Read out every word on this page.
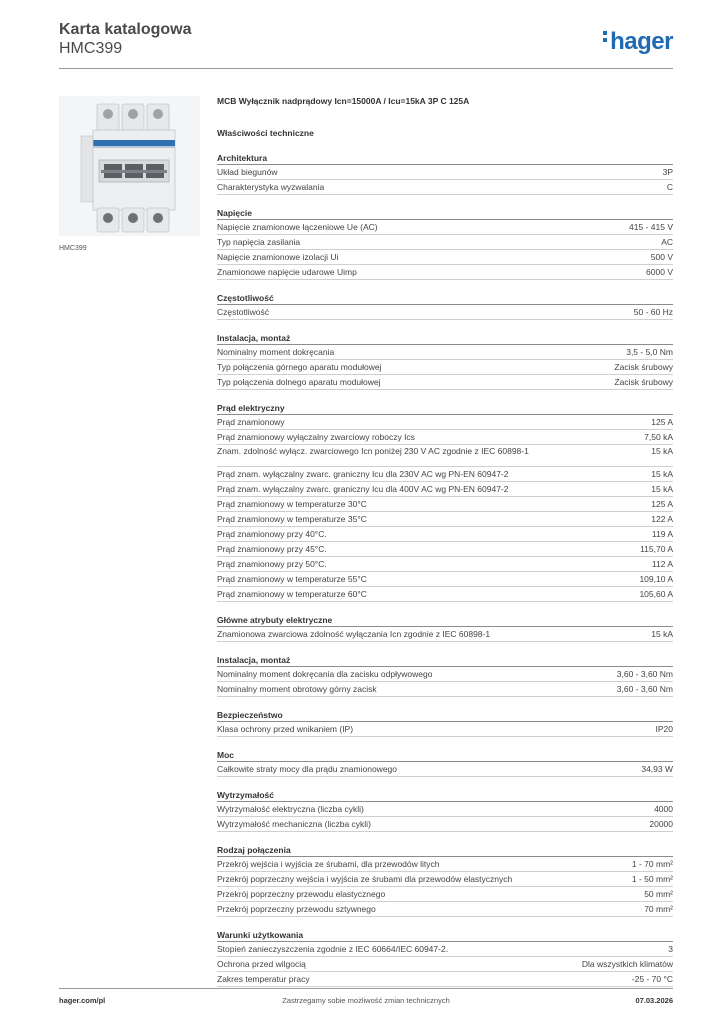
Karta katalogowa
HMC399	hager
HMC399
MCB Wyłącznik nadprądowy Icn=15000A / Icu=15kA 3P C 125A
Właściwości techniczne
Architektura
Układ biegunów	3P
Charakterystyka wyzwalania	C
Napięcie
Napięcie znamionowe łączeniowe Ue (AC)	415 - 415 V
Typ napięcia zasilania	AC
Napięcie znamionowe izolacji Ui	500 V
Znamionowe napięcie udarowe Uimp	6000 V
Częstotliwość
Częstotliwość	50 - 60 Hz
Instalacja, montaż
Nominalny moment dokręcania	3,5 - 5,0 Nm
Typ połączenia górnego aparatu modułowej	Zacisk śrubowy
Typ połączenia dolnego aparatu modułowej	Zacisk śrubowy
Prąd elektryczny
Prąd znamionowy	125 A
Prąd znamionowy wyłączalny zwarciowy roboczy Ics	7,50 kA
Znam. zdolność wyłącz. zwarciowego Icn poniżej 230 V AC zgodnie z IEC 60898-1	15 kA
Prąd znam. wyłączalny zwarc. graniczny Icu dla 230V AC wg PN-EN 60947-2	15 kA
Prąd znam. wyłączalny zwarc. graniczny Icu dla 400V AC wg PN-EN 60947-2	15 kA
Prąd znamionowy w temperaturze 30°C	125 A
Prąd znamionowy w temperaturze 35°C	122 A
Prąd znamionowy przy 40°C.	119 A
Prąd znamionowy przy 45°C.	115,70 A
Prąd znamionowy przy 50°C.	112 A
Prąd znamionowy w temperaturze 55°C	109,10 A
Prąd znamionowy w temperaturze 60°C	105,60 A
Główne atrybuty elektryczne
Znamionowa zwarciowa zdolność wyłączania Icn zgodnie z IEC 60898-1	15 kA
Instalacja, montaż
Nominalny moment dokręcania dla zacisku odpływowego	3,60 - 3,60 Nm
Nominalny moment obrotowy górny zacisk	3,60 - 3,60 Nm
Bezpieczeństwo
Klasa ochrony przed wnikaniem (IP)	IP20
Moc
Całkowite straty mocy dla prądu znamionowego	34,93 W
Wytrzymałość
Wytrzymałość elektryczna (liczba cykli)	4000
Wytrzymałość mechaniczna (liczba cykli)	20000
Rodzaj połączenia
Przekrój wejścia i wyjścia ze śrubami, dla przewodów litych	1 - 70 mm²
Przekrój poprzeczny wejścia i wyjścia ze śrubami dla przewodów elastycznych	1 - 50 mm²
Przekrój poprzeczny przewodu elastycznego	50 mm²
Przekrój poprzeczny przewodu sztywnego	70 mm²
Warunki użytkowania
Stopień zanieczyszczenia zgodnie z IEC 60664/IEC 60947-2.	3
Ochrona przed wilgocią	Dla wszystkich klimatów
Zakres temperatur pracy	-25 - 70 °C
hager.com/pl	Zastrzegamy sobie możliwość zmian technicznych	07.03.2026
